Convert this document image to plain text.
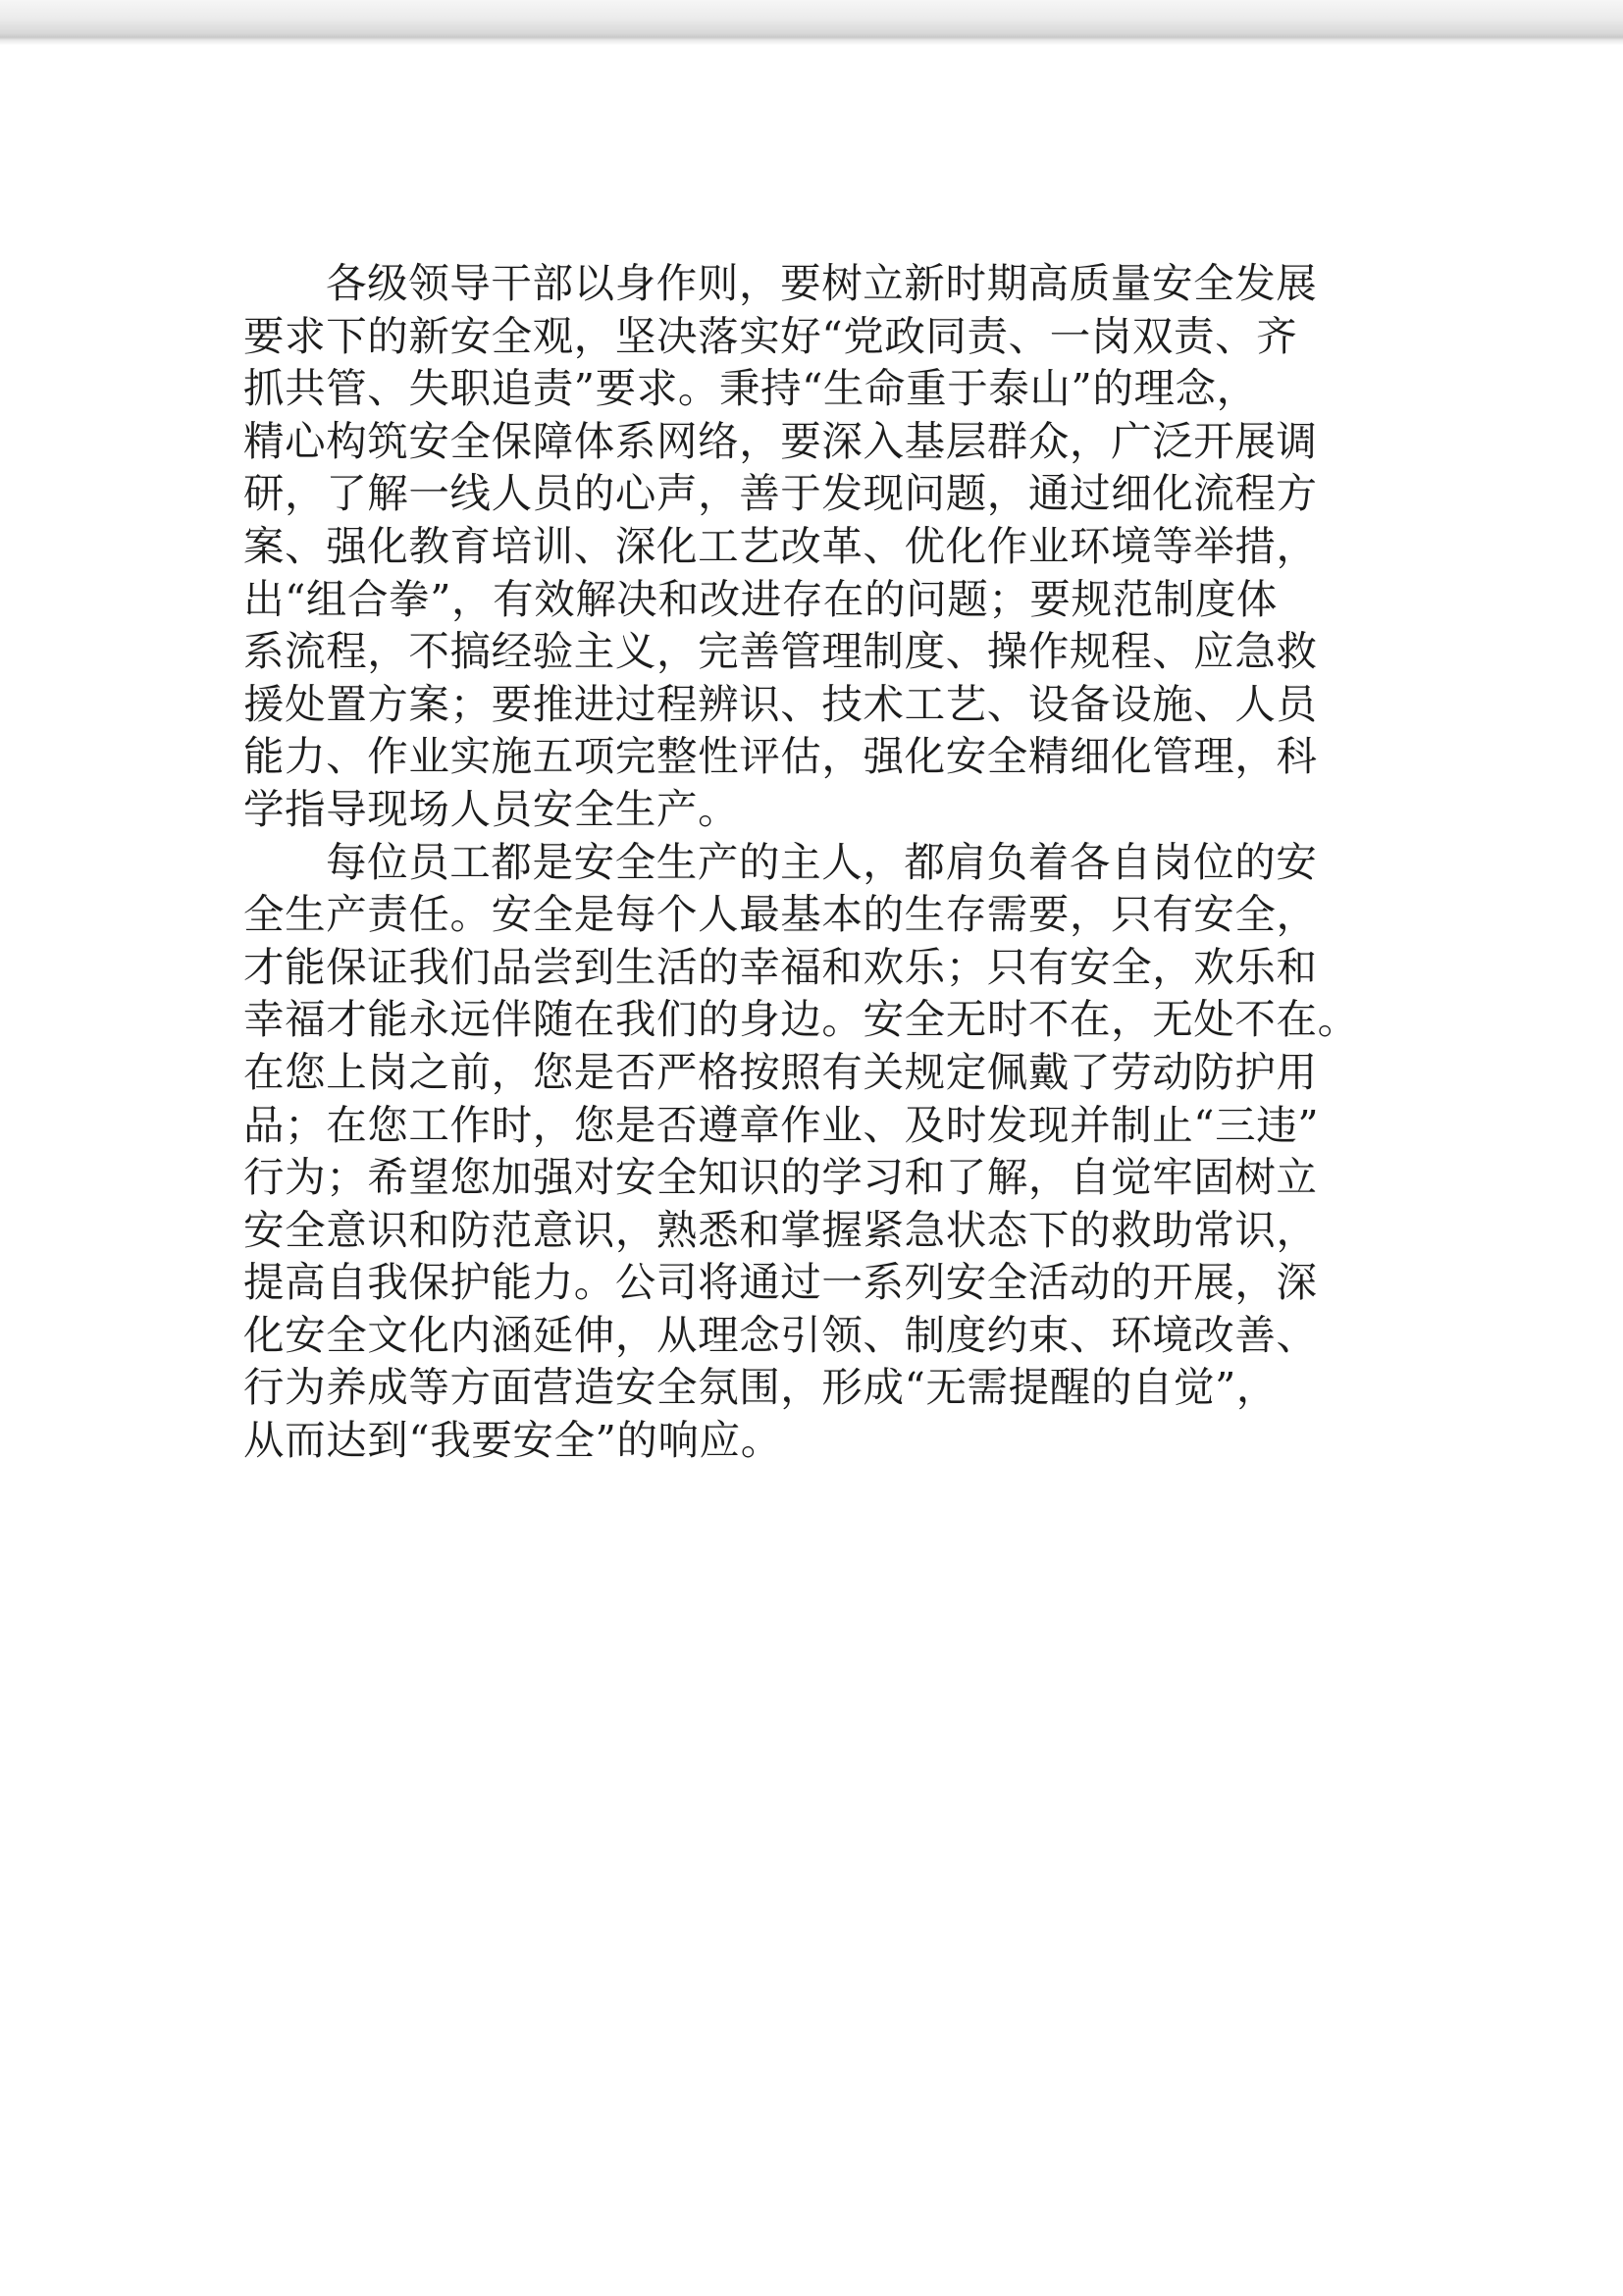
各级领导干部以身作则，要树立新时期高质量安全发展
要求下的新安全观，坚决落实好“党政同责、一岗双责、齐
抓共管、失职追责”要求。秉持“生命重于泰山”的理念，
精心构筑安全保障体系网络，要深入基层群众，广泛开展调
研，了解一线人员的心声，善于发现问题，通过细化流程方
案、强化教育培训、深化工艺改革、优化作业环境等举措，
出“组合拳”，有效解决和改进存在的问题；要规范制度体
系流程，不搞经验主义，完善管理制度、操作规程、应急救
援处置方案；要推进过程辨识、技术工艺、设备设施、人员
能力、作业实施五项完整性评估，强化安全精细化管理，科
学指导现场人员安全生产。
每位员工都是安全生产的主人，都肩负着各自岗位的安
全生产责任。安全是每个人最基本的生存需要，只有安全，
才能保证我们品尝到生活的幸福和欢乐；只有安全，欢乐和
幸福才能永远伴随在我们的身边。安全无时不在，无处不在。
在您上岗之前，您是否严格按照有关规定佩戴了劳动防护用
品；在您工作时，您是否遵章作业、及时发现并制止“三违”
行为；希望您加强对安全知识的学习和了解，自觉牢固树立
安全意识和防范意识，熟悉和掌握紧急状态下的救助常识，
提高自我保护能力。公司将通过一系列安全活动的开展，深
化安全文化内涵延伸，从理念引领、制度约束、环境改善、
行为养成等方面营造安全氛围，形成“无需提醒的自觉”，
从而达到“我要安全”的响应。
